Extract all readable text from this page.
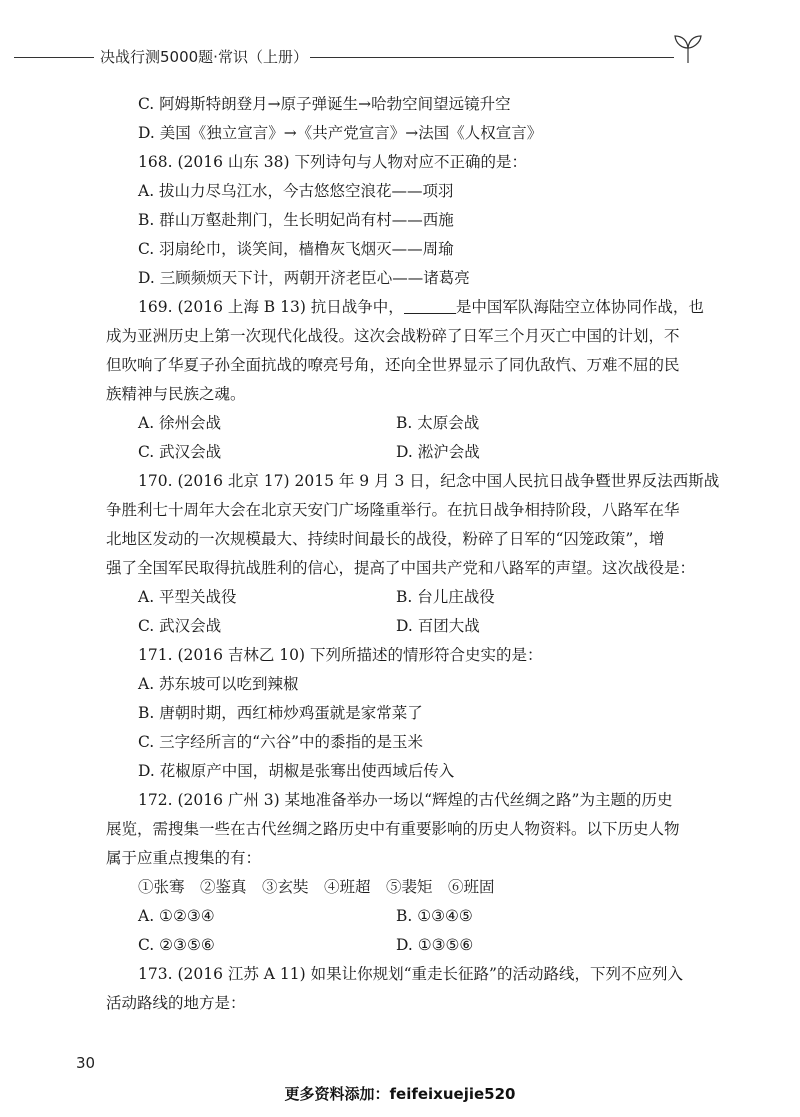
决战行测5000题·常识（上册）
C. 阿姆斯特朗登月→原子弹诞生→哈勃空间望远镜升空
D. 美国《独立宣言》→《共产党宣言》→法国《人权宣言》
168. (2016 山东 38) 下列诗句与人物对应不正确的是：
A. 拔山力尽乌江水，今古悠悠空浪花——项羽
B. 群山万壑赴荆门，生长明妃尚有村——西施
C. 羽扇纶巾，谈笑间，樯橹灰飞烟灭——周瑜
D. 三顾频烦天下计，两朝开济老臣心——诸葛亮
169. (2016 上海 B 13) 抗日战争中，	是中国军队海陆空立体协同作战，也
成为亚洲历史上第一次现代化战役。这次会战粉碎了日军三个月灭亡中国的计划，不
但吹响了华夏子孙全面抗战的嘹亮号角，还向全世界显示了同仇敌忾、万难不屈的民
族精神与民族之魂。
A. 徐州会战	B. 太原会战
C. 武汉会战	D. 淞沪会战
170. (2016 北京 17) 2015 年 9 月 3 日，纪念中国人民抗日战争暨世界反法西斯战
争胜利七十周年大会在北京天安门广场隆重举行。在抗日战争相持阶段，八路军在华
北地区发动的一次规模最大、持续时间最长的战役，粉碎了日军的“囚笼政策”，增
强了全国军民取得抗战胜利的信心，提高了中国共产党和八路军的声望。这次战役是：
A. 平型关战役	B. 台儿庄战役
C. 武汉会战	D. 百团大战
171. (2016 吉林乙 10) 下列所描述的情形符合史实的是：
A. 苏东坡可以吃到辣椒
B. 唐朝时期，西红柿炒鸡蛋就是家常菜了
C. 三字经所言的“六谷”中的黍指的是玉米
D. 花椒原产中国，胡椒是张骞出使西域后传入
172. (2016 广州 3) 某地准备举办一场以“辉煌的古代丝绸之路”为主题的历史
展览，需搜集一些在古代丝绸之路历史中有重要影响的历史人物资料。以下历史人物
属于应重点搜集的有：
①张骞　②鉴真　③玄奘　④班超　⑤裴矩　⑥班固
A. ①②③④	B. ①③④⑤
C. ②③⑤⑥	D. ①③⑤⑥
173. (2016 江苏 A 11) 如果让你规划“重走长征路”的活动路线，下列不应列入
活动路线的地方是：
30
更多资料添加：feifeixuejie520
